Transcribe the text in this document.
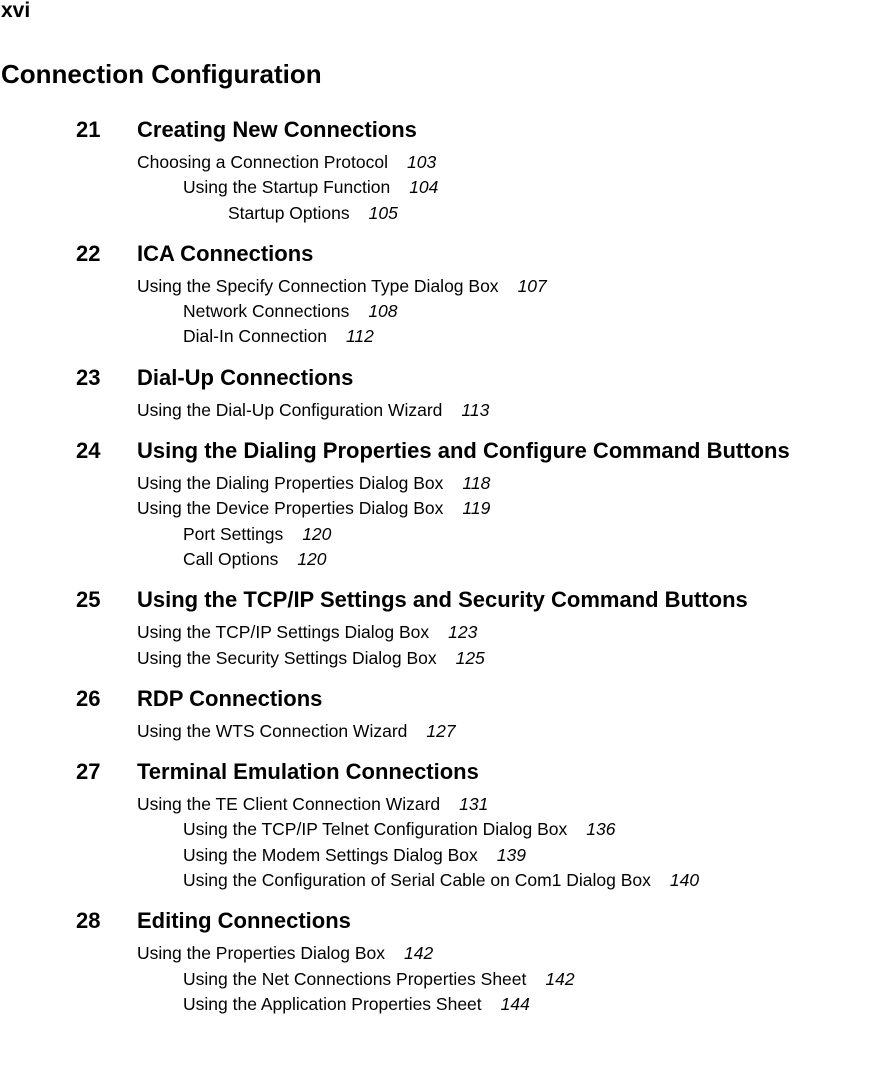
xvi
Connection Configuration
21 Creating New Connections
Choosing a Connection Protocol 103
Using the Startup Function 104
Startup Options 105
22 ICA Connections
Using the Specify Connection Type Dialog Box 107
Network Connections 108
Dial-In Connection 112
23 Dial-Up Connections
Using the Dial-Up Configuration Wizard 113
24 Using the Dialing Properties and Configure Command Buttons
Using the Dialing Properties Dialog Box 118
Using the Device Properties Dialog Box 119
Port Settings 120
Call Options 120
25 Using the TCP/IP Settings and Security Command Buttons
Using the TCP/IP Settings Dialog Box 123
Using the Security Settings Dialog Box 125
26 RDP Connections
Using the WTS Connection Wizard 127
27 Terminal Emulation Connections
Using the TE Client Connection Wizard 131
Using the TCP/IP Telnet Configuration Dialog Box 136
Using the Modem Settings Dialog Box 139
Using the Configuration of Serial Cable on Com1 Dialog Box 140
28 Editing Connections
Using the Properties Dialog Box 142
Using the Net Connections Properties Sheet 142
Using the Application Properties Sheet 144
